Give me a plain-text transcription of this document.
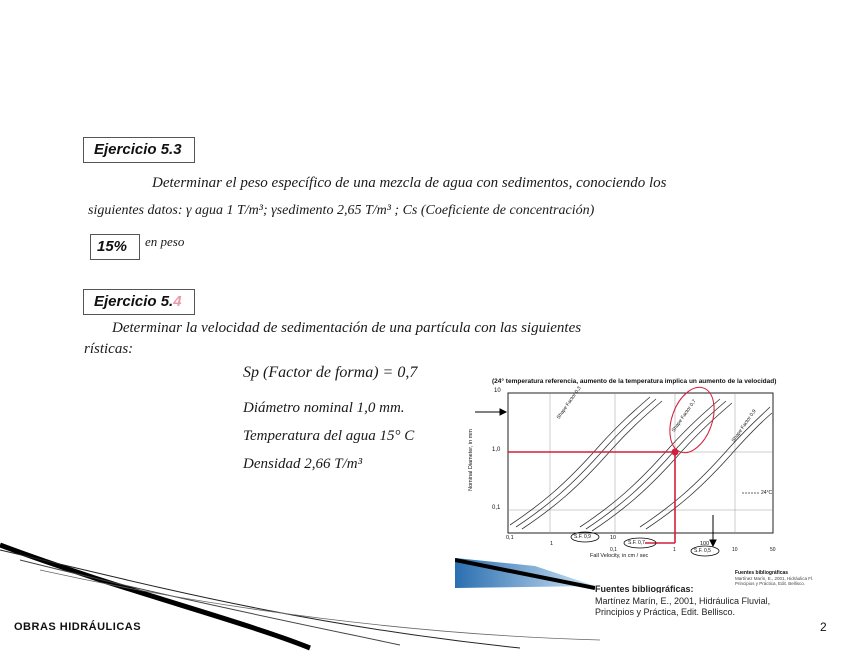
Ejercicio 5.3
Determinar el peso específico de una mezcla de agua con sedimentos, conociendo los
siguientes datos: γ agua 1 T/m³; γsedimento 2,65 T/m³ ; Cs (Coeficiente de concentración)
15%	en peso
Ejercicio 5.4
Determinar la velocidad de sedimentación de una partícula con las siguientes
rísticas:
Sp (Factor de forma) = 0,7
Diámetro nominal 1,0 mm.
Temperatura del agua 15° C
Densidad 2,66 T/m³
(24° temperatura referencia, aumento de la temperatura implica un aumento de la velocidad)
10
1,0
0,1
Nominal Diameter, in mm
0,1
1
10
100
0,1	1	10	50
Fall Velocity, in cm / sec
Shape Factor 0,3	Shape Factor 0,7	Shape Factor 0,9
S.F. 0,9
S.F. 0,7
S.F. 0,5
24°C
Fuentes bibliográficas
Martínez Marín, E., 2001, Hidráulica Fl.
Principios y Práctica, Edit. Bellisco.
Fuentes bibliográficas:
Martínez Marín, E., 2001, Hidráulica Fluvial,
Principios y Práctica, Edit. Bellisco.
OBRAS HIDRÁULICAS	2
